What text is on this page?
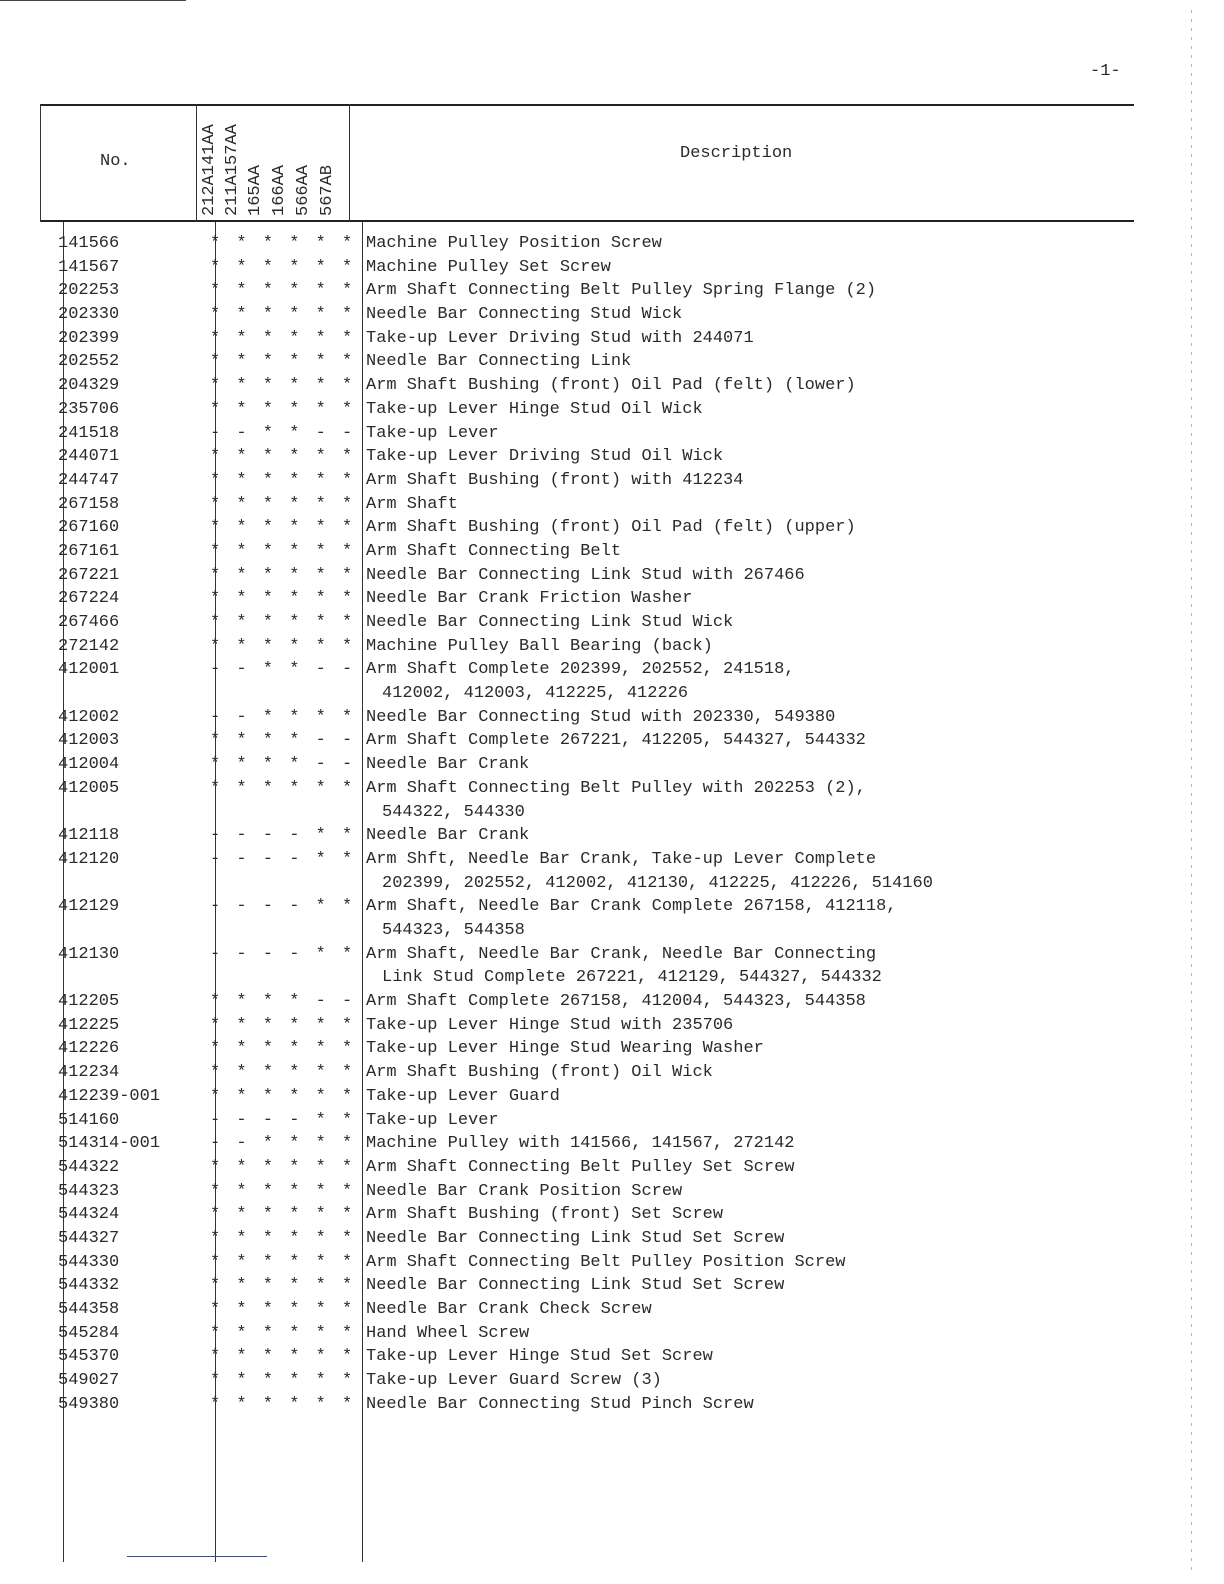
-1-
No.	Description
212A141AA 211A157AA 165AA 166AA 566AA 567AB
141566	* * * * * * Machine Pulley Position Screw
141567	* * * * * * Machine Pulley Set Screw
202253	* * * * * * Arm Shaft Connecting Belt Pulley Spring Flange (2)
202330	* * * * * * Needle Bar Connecting Stud Wick
202399	* * * * * * Take-up Lever Driving Stud with 244071
202552	* * * * * * Needle Bar Connecting Link
204329	* * * * * * Arm Shaft Bushing (front) Oil Pad (felt) (lower)
235706	* * * * * * Take-up Lever Hinge Stud Oil Wick
241518	- - * * - - Take-up Lever
244071	* * * * * * Take-up Lever Driving Stud Oil Wick
244747	* * * * * * Arm Shaft Bushing (front) with 412234
267158	* * * * * * Arm Shaft
267160	* * * * * * Arm Shaft Bushing (front) Oil Pad (felt) (upper)
267161	* * * * * * Arm Shaft Connecting Belt
267221	* * * * * * Needle Bar Connecting Link Stud with 267466
267224	* * * * * * Needle Bar Crank Friction Washer
267466	* * * * * * Needle Bar Connecting Link Stud Wick
272142	* * * * * * Machine Pulley Ball Bearing (back)
412001	- - * * - - Arm Shaft Complete 202399, 202552, 241518,
412002, 412003, 412225, 412226
412002	- - * * * * Needle Bar Connecting Stud with 202330, 549380
412003	* * * * - - Arm Shaft Complete 267221, 412205, 544327, 544332
412004	* * * * - - Needle Bar Crank
412005	* * * * * * Arm Shaft Connecting Belt Pulley with 202253 (2),
544322, 544330
412118	- - - - * * Needle Bar Crank
412120	- - - - * * Arm Shft, Needle Bar Crank, Take-up Lever Complete
202399, 202552, 412002, 412130, 412225, 412226, 514160
412129	- - - - * * Arm Shaft, Needle Bar Crank Complete 267158, 412118,
544323, 544358
412130	- - - - * * Arm Shaft, Needle Bar Crank, Needle Bar Connecting
Link Stud Complete 267221, 412129, 544327, 544332
412205	* * * * - - Arm Shaft Complete 267158, 412004, 544323, 544358
412225	* * * * * * Take-up Lever Hinge Stud with 235706
412226	* * * * * * Take-up Lever Hinge Stud Wearing Washer
412234	* * * * * * Arm Shaft Bushing (front) Oil Wick
412239-001	* * * * * * Take-up Lever Guard
514160	- - - - * * Take-up Lever
514314-001	- - * * * * Machine Pulley with 141566, 141567, 272142
544322	* * * * * * Arm Shaft Connecting Belt Pulley Set Screw
544323	* * * * * * Needle Bar Crank Position Screw
544324	* * * * * * Arm Shaft Bushing (front) Set Screw
544327	* * * * * * Needle Bar Connecting Link Stud Set Screw
544330	* * * * * * Arm Shaft Connecting Belt Pulley Position Screw
544332	* * * * * * Needle Bar Connecting Link Stud Set Screw
544358	* * * * * * Needle Bar Crank Check Screw
545284	* * * * * * Hand Wheel Screw
545370	* * * * * * Take-up Lever Hinge Stud Set Screw
549027	* * * * * * Take-up Lever Guard Screw (3)
549380	* * * * * * Needle Bar Connecting Stud Pinch Screw
